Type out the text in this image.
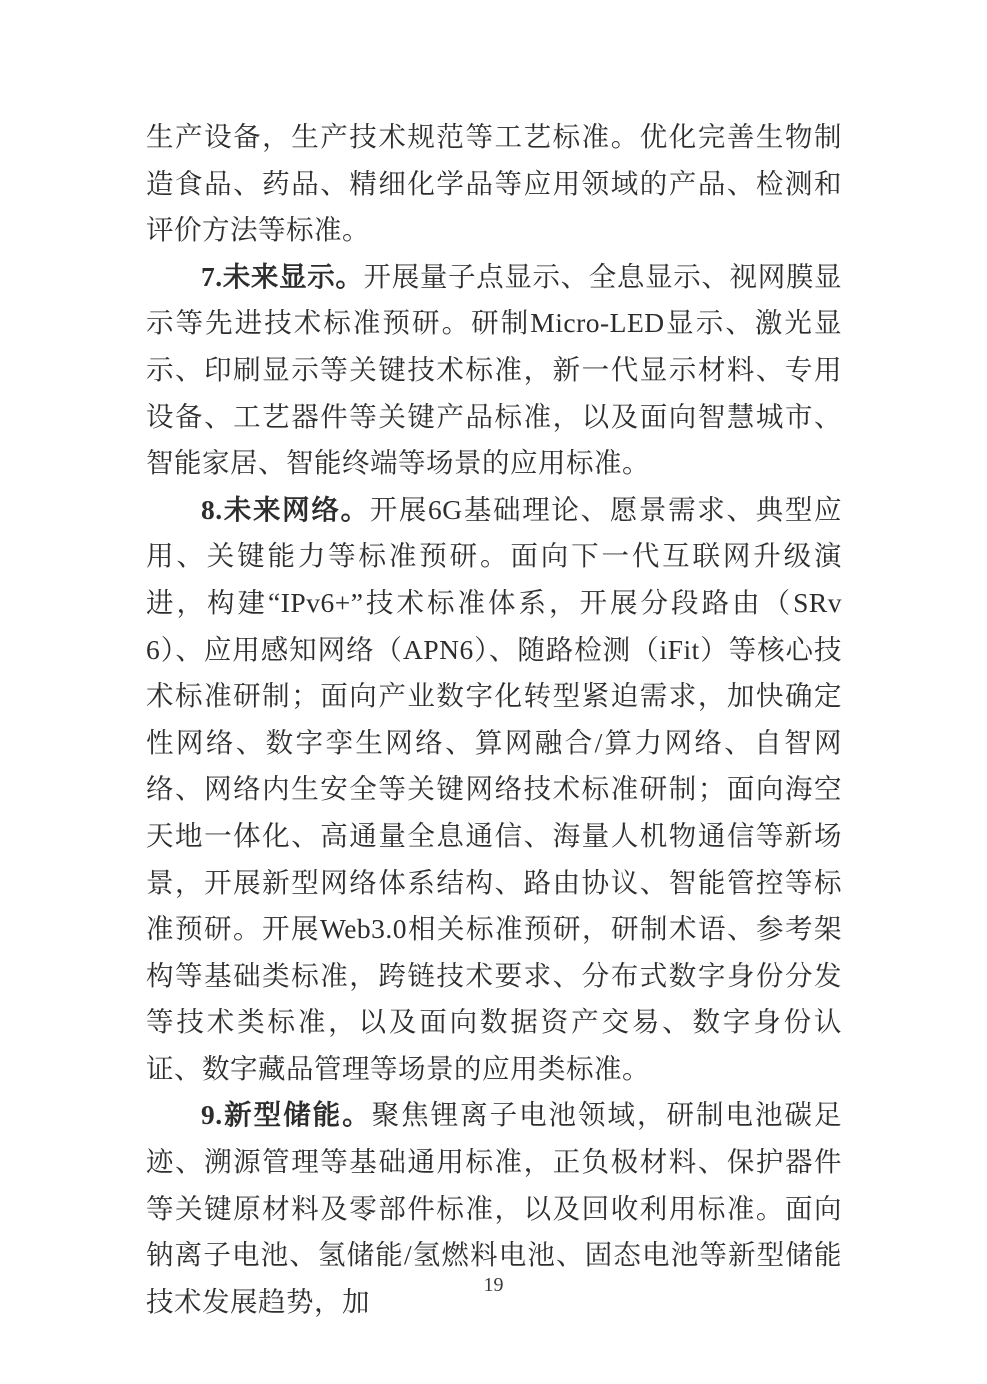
生产设备，生产技术规范等工艺标准。优化完善生物制造食品、药品、精细化学品等应用领域的产品、检测和评价方法等标准。

7.未来显示。开展量子点显示、全息显示、视网膜显示等先进技术标准预研。研制Micro-LED显示、激光显示、印刷显示等关键技术标准，新一代显示材料、专用设备、工艺器件等关键产品标准，以及面向智慧城市、智能家居、智能终端等场景的应用标准。

8.未来网络。开展6G基础理论、愿景需求、典型应用、关键能力等标准预研。面向下一代互联网升级演进，构建“IPv6+”技术标准体系，开展分段路由（SRv6）、应用感知网络（APN6）、随路检测（iFit）等核心技术标准研制；面向产业数字化转型紧迫需求，加快确定性网络、数字孪生网络、算网融合/算力网络、自智网络、网络内生安全等关键网络技术标准研制；面向海空天地一体化、高通量全息通信、海量人机物通信等新场景，开展新型网络体系结构、路由协议、智能管控等标准预研。开展Web3.0相关标准预研，研制术语、参考架构等基础类标准，跨链技术要求、分布式数字身份分发等技术类标准，以及面向数据资产交易、数字身份认证、数字藏品管理等场景的应用类标准。

9.新型储能。聚焦锂离子电池领域，研制电池碳足迹、溯源管理等基础通用标准，正负极材料、保护器件等关键原材料及零部件标准，以及回收利用标准。面向钠离子电池、氢储能/氢燃料电池、固态电池等新型储能技术发展趋势，加

19
